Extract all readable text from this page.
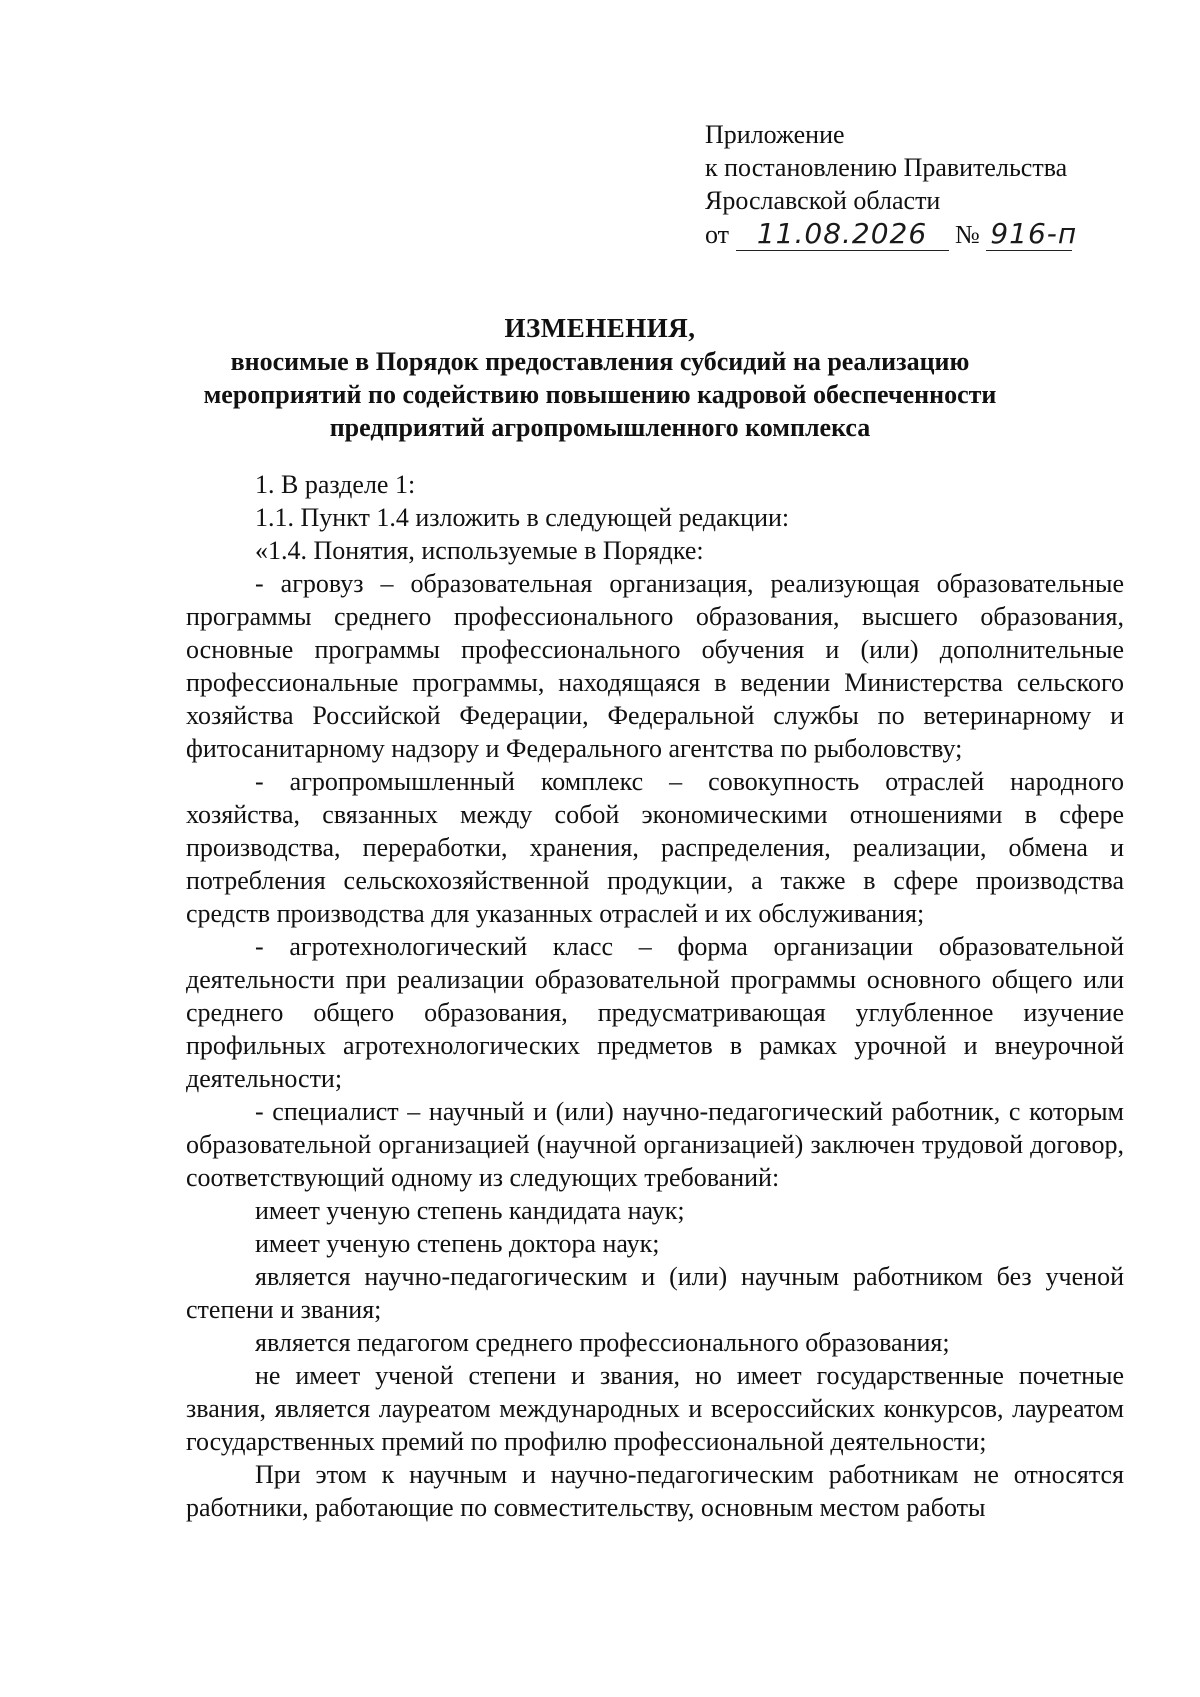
Приложение
к постановлению Правительства
Ярославской области
от 11.08.2026 № 916-п
ИЗМЕНЕНИЯ,
вносимые в Порядок предоставления субсидий на реализацию
мероприятий по содействию повышению кадровой обеспеченности
предприятий агропромышленного комплекса

1. В разделе 1:

1.1. Пункт 1.4 изложить в следующей редакции:

«1.4. Понятия, используемые в Порядке:

- агровуз – образовательная организация, реализующая образовательные программы среднего профессионального образования, высшего образования, основные программы профессионального обучения и (или) дополнительные профессиональные программы, находящаяся в ведении Министерства сельского хозяйства Российской Федерации, Федеральной службы по ветеринарному и фитосанитарному надзору и Федерального агентства по рыболовству;

- агропромышленный комплекс – совокупность отраслей народного хозяйства, связанных между собой экономическими отношениями в сфере производства, переработки, хранения, распределения, реализации, обмена и потребления сельскохозяйственной продукции, а также в сфере производства средств производства для указанных отраслей и их обслуживания;

- агротехнологический класс – форма организации образовательной деятельности при реализации образовательной программы основного общего или среднего общего образования, предусматривающая углубленное изучение профильных агротехнологических предметов в рамках урочной и внеурочной деятельности;

- специалист – научный и (или) научно-педагогический работник, с которым образовательной организацией (научной организацией) заключен трудовой договор, соответствующий одному из следующих требований:

имеет ученую степень кандидата наук;

имеет ученую степень доктора наук;

является научно-педагогическим и (или) научным работником без ученой степени и звания;

является педагогом среднего профессионального образования;

не имеет ученой степени и звания, но имеет государственные почетные звания, является лауреатом международных и всероссийских конкурсов, лауреатом государственных премий по профилю профессиональной деятельности;

При этом к научным и научно-педагогическим работникам не относятся работники, работающие по совместительству, основным местом работы
